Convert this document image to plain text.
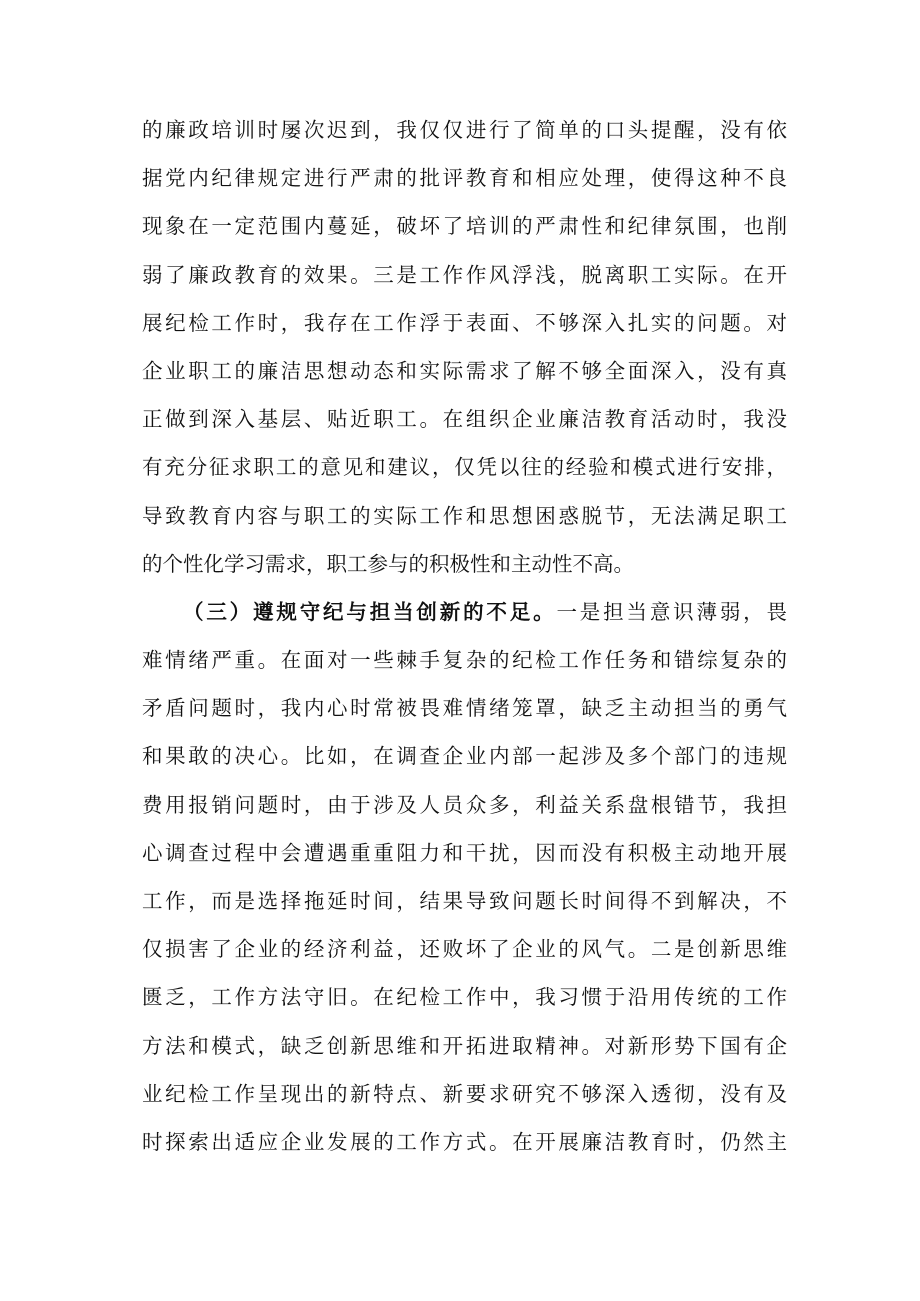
的廉政培训时屡次迟到，我仅仅进行了简单的口头提醒，没有依
据党内纪律规定进行严肃的批评教育和相应处理，使得这种不良
现象在一定范围内蔓延，破坏了培训的严肃性和纪律氛围，也削
弱了廉政教育的效果。三是工作作风浮浅，脱离职工实际。在开
展纪检工作时，我存在工作浮于表面、不够深入扎实的问题。对
企业职工的廉洁思想动态和实际需求了解不够全面深入，没有真
正做到深入基层、贴近职工。在组织企业廉洁教育活动时，我没
有充分征求职工的意见和建议，仅凭以往的经验和模式进行安排，
导致教育内容与职工的实际工作和思想困惑脱节，无法满足职工
的个性化学习需求，职工参与的积极性和主动性不高。
（三）遵规守纪与担当创新的不足。一是担当意识薄弱，畏
难情绪严重。在面对一些棘手复杂的纪检工作任务和错综复杂的
矛盾问题时，我内心时常被畏难情绪笼罩，缺乏主动担当的勇气
和果敢的决心。比如，在调查企业内部一起涉及多个部门的违规
费用报销问题时，由于涉及人员众多，利益关系盘根错节，我担
心调查过程中会遭遇重重阻力和干扰，因而没有积极主动地开展
工作，而是选择拖延时间，结果导致问题长时间得不到解决，不
仅损害了企业的经济利益，还败坏了企业的风气。二是创新思维
匮乏，工作方法守旧。在纪检工作中，我习惯于沿用传统的工作
方法和模式，缺乏创新思维和开拓进取精神。对新形势下国有企
业纪检工作呈现出的新特点、新要求研究不够深入透彻，没有及
时探索出适应企业发展的工作方式。在开展廉洁教育时，仍然主
